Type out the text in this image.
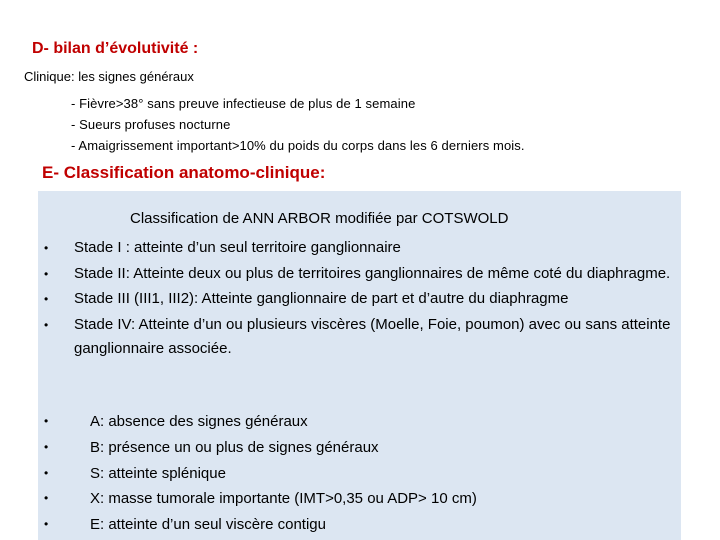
D- bilan d’évolutivité :
Clinique: les signes généraux
- Fièvre>38° sans preuve infectieuse de plus de 1 semaine
- Sueurs profuses nocturne
- Amaigrissement important>10% du poids du corps dans les 6 derniers mois.
E- Classification anatomo-clinique:
Classification de ANN ARBOR modifiée par COTSWOLD
• Stade I : atteinte d’un seul territoire ganglionnaire
• Stade II: Atteinte deux ou plus de territoires ganglionnaires de même coté du diaphragme.
• Stade III (III1, III2): Atteinte ganglionnaire de part et d’autre du diaphragme
• Stade IV: Atteinte d’un ou plusieurs viscères (Moelle, Foie, poumon) avec ou sans atteinte ganglionnaire associée.
•	A: absence des signes généraux
•	B: présence un ou plus de signes généraux
•	S: atteinte splénique
•	X: masse tumorale importante (IMT>0,35 ou ADP> 10 cm)
•	E: atteinte d’un seul viscère contigu
